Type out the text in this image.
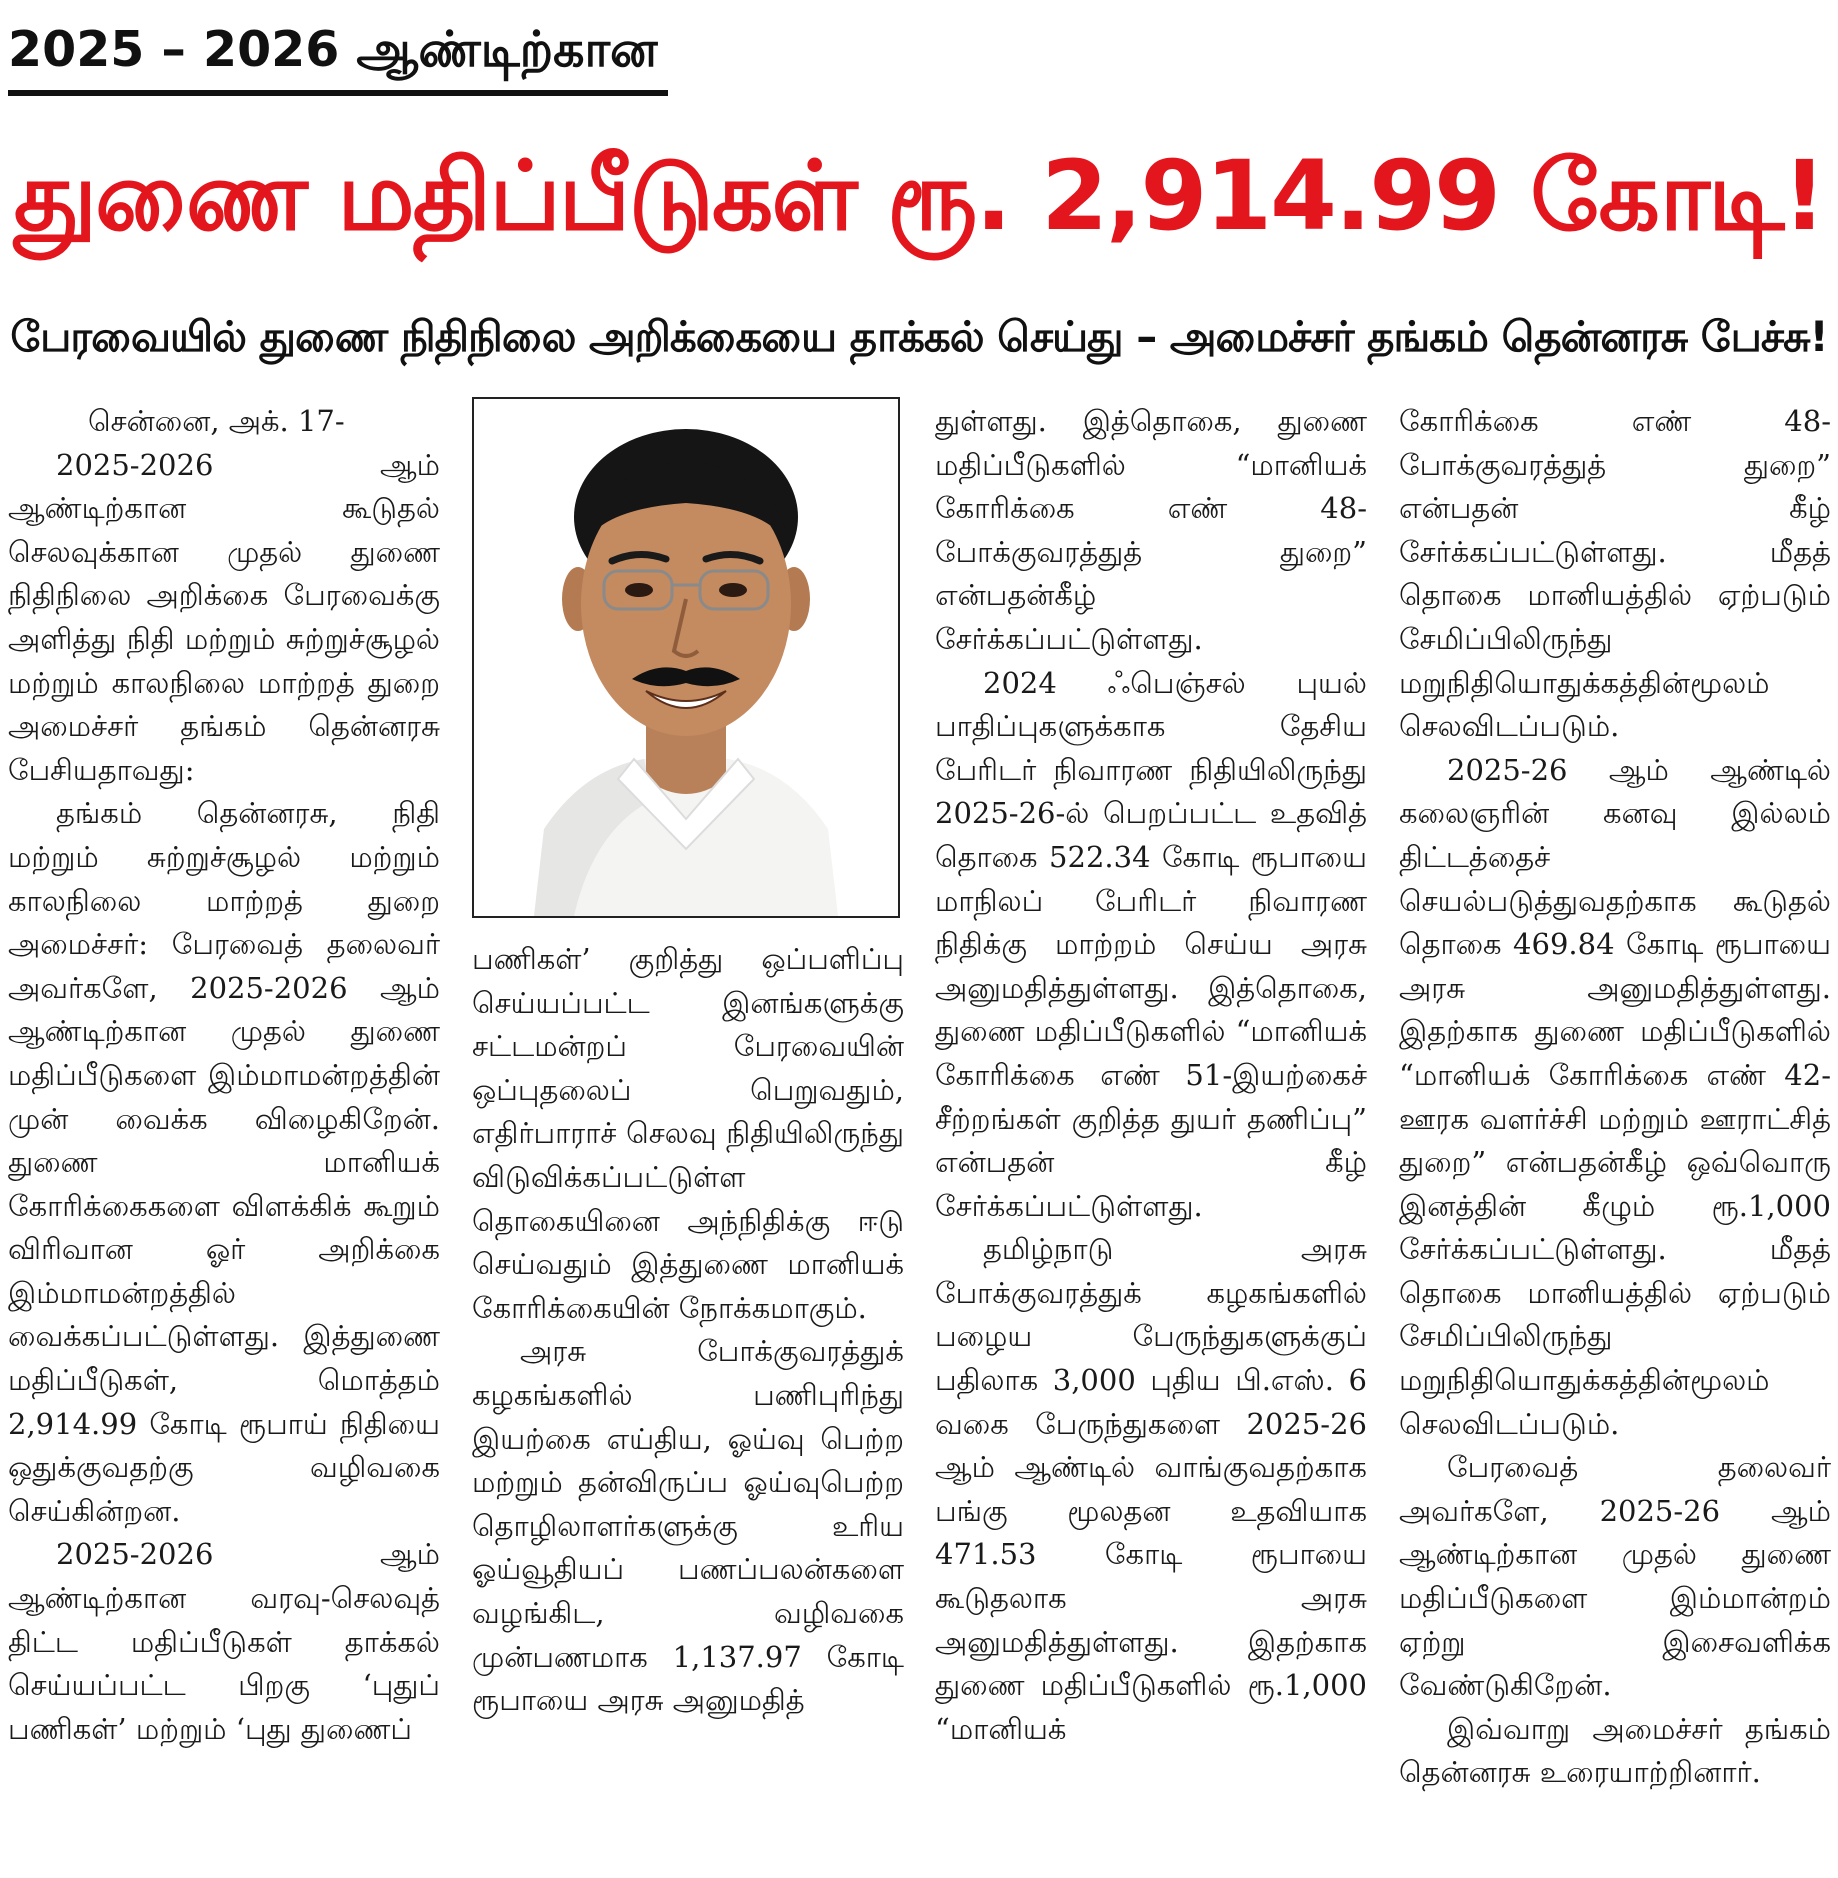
2025 – 2026 ஆண்டிற்கான
துணை மதிப்பீடுகள் ரூ. 2,914.99 கோடி!
பேரவையில் துணை நிதிநிலை அறிக்கையை தாக்கல் செய்து – அமைச்சர் தங்கம் தென்னரசு பேச்சு!

சென்னை, அக். 17-

2025-2026 ஆம் ஆண்டிற்கான கூடுதல் செலவுக்கான முதல் துணை நிதிநிலை அறிக்கை பேரவைக்கு அளித்து நிதி மற்றும் சுற்றுச்சூழல் மற்றும் காலநிலை மாற்றத் துறை அமைச்சர் தங்கம் தென்னரசு பேசியதாவது:

தங்கம் தென்னரசு, நிதி மற்றும் சுற்றுச்சூழல் மற்றும் காலநிலை மாற்றத் துறை அமைச்சர்: பேரவைத் தலைவர் அவர்களே, 2025-2026 ஆம் ஆண்டிற்கான முதல் துணை மதிப்பீடுகளை இம்மாமன்றத்தின் முன் வைக்க விழைகிறேன். துணை மானியக் கோரிக்கைகளை விளக்கிக் கூறும் விரிவான ஓர் அறிக்கை இம்மாமன்றத்தில் வைக்கப்பட்டுள்ளது. இத்துணை மதிப்பீடுகள், மொத்தம் 2,914.99 கோடி ரூபாய் நிதியை ஒதுக்குவதற்கு வழிவகை செய்கின்றன.

2025-2026 ஆம் ஆண்டிற்கான வரவு-செலவுத் திட்ட மதிப்பீடுகள் தாக்கல் செய்யப்பட்ட பிறகு ‘புதுப் பணிகள்’ மற்றும் ‘புது துணைப்

பணிகள்’ குறித்து ஒப்பளிப்பு செய்யப்பட்ட இனங்களுக்கு சட்டமன்றப் பேரவையின் ஒப்புதலைப் பெறுவதும், எதிர்பாராச் செலவு நிதியிலிருந்து விடுவிக்கப்பட்டுள்ள தொகையினை அந்நிதிக்கு ஈடு செய்வதும் இத்துணை மானியக் கோரிக்கையின் நோக்கமாகும்.

அரசு போக்குவரத்துக் கழகங்களில் பணிபுரிந்து இயற்கை எய்திய, ஓய்வு பெற்ற மற்றும் தன்விருப்ப ஓய்வுபெற்ற தொழிலாளர்களுக்கு உரிய ஓய்வூதியப் பணப்பலன்களை வழங்கிட, வழிவகை முன்பணமாக 1,137.97 கோடி ரூபாயை அரசு அனுமதித்

துள்ளது. இத்தொகை, துணை மதிப்பீடுகளில் “மானியக் கோரிக்கை எண் 48-போக்குவரத்துத் துறை” என்பதன்கீழ் சேர்க்கப்பட்டுள்ளது.

2024 ஃபெஞ்சல் புயல் பாதிப்புகளுக்காக தேசிய பேரிடர் நிவாரண நிதியிலிருந்து 2025-26-ல் பெறப்பட்ட உதவித் தொகை 522.34 கோடி ரூபாயை மாநிலப் பேரிடர் நிவாரண நிதிக்கு மாற்றம் செய்ய அரசு அனுமதித்துள்ளது. இத்தொகை, துணை மதிப்பீடுகளில் “மானியக் கோரிக்கை எண் 51-இயற்கைச் சீற்றங்கள் குறித்த துயர் தணிப்பு” என்பதன் கீழ் சேர்க்கப்பட்டுள்ளது.

தமிழ்நாடு அரசு போக்குவரத்துக் கழகங்களில் பழைய பேருந்துகளுக்குப் பதிலாக 3,000 புதிய பி.எஸ். 6 வகை பேருந்துகளை 2025-26 ஆம் ஆண்டில் வாங்குவதற்காக பங்கு மூலதன உதவியாக 471.53 கோடி ரூபாயை கூடுதலாக அரசு அனுமதித்துள்ளது. இதற்காக துணை மதிப்பீடுகளில் ரூ.1,000 “மானியக்

கோரிக்கை எண் 48-போக்குவரத்துத் துறை” என்பதன் கீழ் சேர்க்கப்பட்டுள்ளது. மீதத் தொகை மானியத்தில் ஏற்படும் சேமிப்பிலிருந்து மறுநிதியொதுக்கத்தின்மூலம் செலவிடப்படும்.

2025-26 ஆம் ஆண்டில் கலைஞரின் கனவு இல்லம் திட்டத்தைச் செயல்படுத்துவதற்காக கூடுதல் தொகை 469.84 கோடி ரூபாயை அரசு அனுமதித்துள்ளது. இதற்காக துணை மதிப்பீடுகளில் “மானியக் கோரிக்கை எண் 42-ஊரக வளர்ச்சி மற்றும் ஊராட்சித் துறை” என்பதன்கீழ் ஒவ்வொரு இனத்தின் கீழும் ரூ.1,000 சேர்க்கப்பட்டுள்ளது. மீதத் தொகை மானியத்தில் ஏற்படும் சேமிப்பிலிருந்து மறுநிதியொதுக்கத்தின்மூலம் செலவிடப்படும்.

பேரவைத் தலைவர் அவர்களே, 2025-26 ஆம் ஆண்டிற்கான முதல் துணை மதிப்பீடுகளை இம்மான்றம் ஏற்று இசைவளிக்க வேண்டுகிறேன்.

இவ்வாறு அமைச்சர் தங்கம் தென்னரசு உரையாற்றினார்.
